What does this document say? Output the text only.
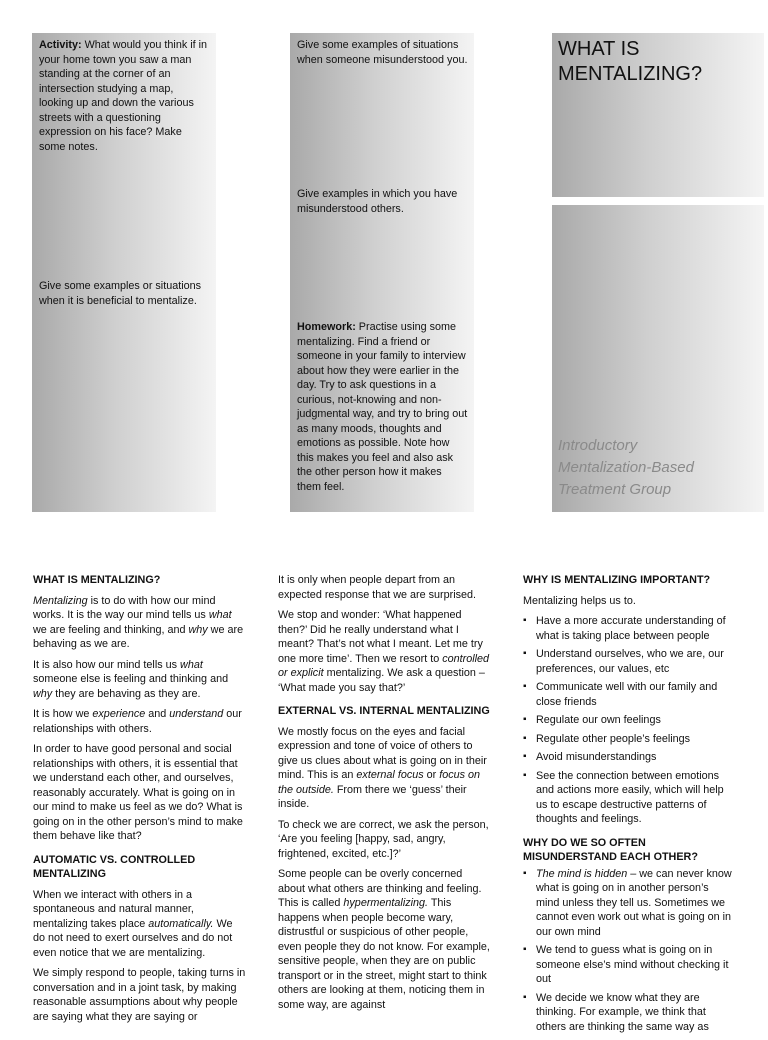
Activity: What would you think if in your home town you saw a man standing at the corner of an intersection studying a map, looking up and down the various streets with a questioning expression on his face? Make some notes.

Give some examples or situations when it is beneficial to mentalize.

Give some examples of situations when someone misunderstood you.

Give examples in which you have misunderstood others.

Homework: Practise using some mentalizing. Find a friend or someone in your family to interview about how they were earlier in the day. Try to ask questions in a curious, not-knowing and non-judgmental way, and try to bring out as many moods, thoughts and emotions as possible. Note how this makes you feel and also ask the other person how it makes them feel.

WHAT IS
MENTALIZING?
Introductory
Mentalization-Based
Treatment Group
WHAT IS MENTALIZING?

Mentalizing is to do with how our mind works. It is the way our mind tells us what we are feeling and thinking, and why we are behaving as we are.

It is also how our mind tells us what someone else is feeling and thinking and why they are behaving as they are.

It is how we experience and understand our relationships with others.

In order to have good personal and social relationships with others, it is essential that we understand each other, and ourselves, reasonably accurately. What is going on in our mind to make us feel as we do? What is going on in the other person’s mind to make them behave like that?

AUTOMATIC VS. CONTROLLED MENTALIZING

When we interact with others in a spontaneous and natural manner, mentalizing takes place automatically. We do not need to exert ourselves and do not even notice that we are mentalizing.

We simply respond to people, taking turns in conversation and in a joint task, by making reasonable assumptions about why people are saying what they are saying or

It is only when people depart from an expected response that we are surprised.

We stop and wonder: ‘What happened then?’ Did he really understand what I meant? That’s not what I meant. Let me try one more time’. Then we resort to controlled or explicit mentalizing. We ask a question – ‘What made you say that?’

EXTERNAL VS. INTERNAL MENTALIZING

We mostly focus on the eyes and facial expression and tone of voice of others to give us clues about what is going on in their mind. This is an external focus or focus on the outside. From there we ‘guess’ their inside.

To check we are correct, we ask the person, ‘Are you feeling [happy, sad, angry, frightened, excited, etc.]?’

Some people can be overly concerned about what others are thinking and feeling. This is called hypermentalizing. This happens when people become wary, distrustful or suspicious of other people, even people they do not know. For example, sensitive people, when they are on public transport or in the street, might start to think others are looking at them, noticing them in some way, are against

WHY IS MENTALIZING IMPORTANT?

Mentalizing helps us to.

▪ Have a more accurate understanding of what is taking place between people
▪ Understand ourselves, who we are, our preferences, our values, etc
▪ Communicate well with our family and close friends
▪ Regulate our own feelings
▪ Regulate other people’s feelings
▪ Avoid misunderstandings
▪ See the connection between emotions and actions more easily, which will help us to escape destructive patterns of thoughts and feelings.
WHY DO WE SO OFTEN MISUNDERSTAND EACH OTHER?
▪ The mind is hidden – we can never know what is going on in another person’s mind unless they tell us. Sometimes we cannot even work out what is going on in our own mind
▪ We tend to guess what is going on in someone else’s mind without checking it out
▪ We decide we know what they are thinking. For example, we think that others are thinking the same way as
